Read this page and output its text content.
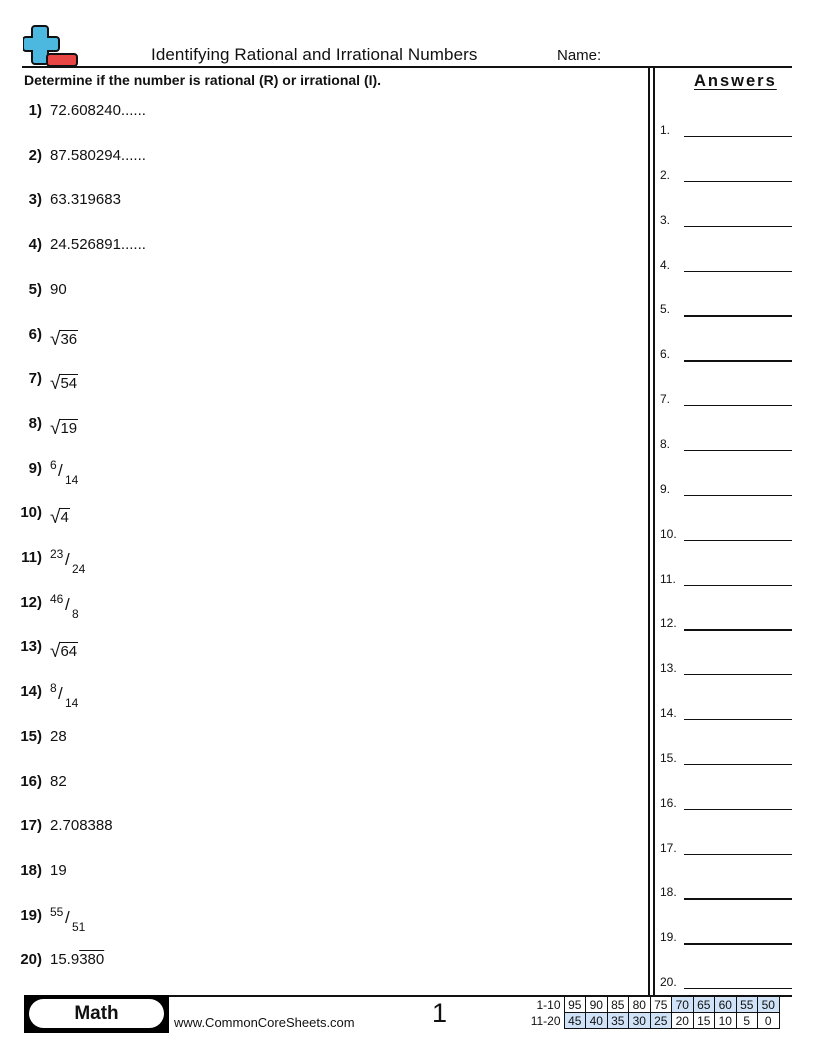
Identifying Rational and Irrational Numbers	Name:
Determine if the number is rational (R) or irrational (I).	Answers
1) 72.608240......
2) 87.580294......
3) 63.319683
4) 24.526891......
5) 90
6) √ 36
7) √ 54
8) √ 19
9) 6 / 14
10) √ 4
11) 23 / 24
12) 46 / 8
13) √ 64
14) 8 / 14
15) 28
16) 82
17) 2.708388
18) 19
19) 55 / 51
20) 15.9380
1.
2.
3.
4.
5.
6.
7.
8.
9.
10.
11.
12.
13.
14.
15.
16.
17.
18.
19.
20.
Math	www.CommonCoreSheets.com	1	1-10	95	90	85	80	75	70	65	60	55	50
11-20	45	40	35	30	25	20	15	10	5	0
